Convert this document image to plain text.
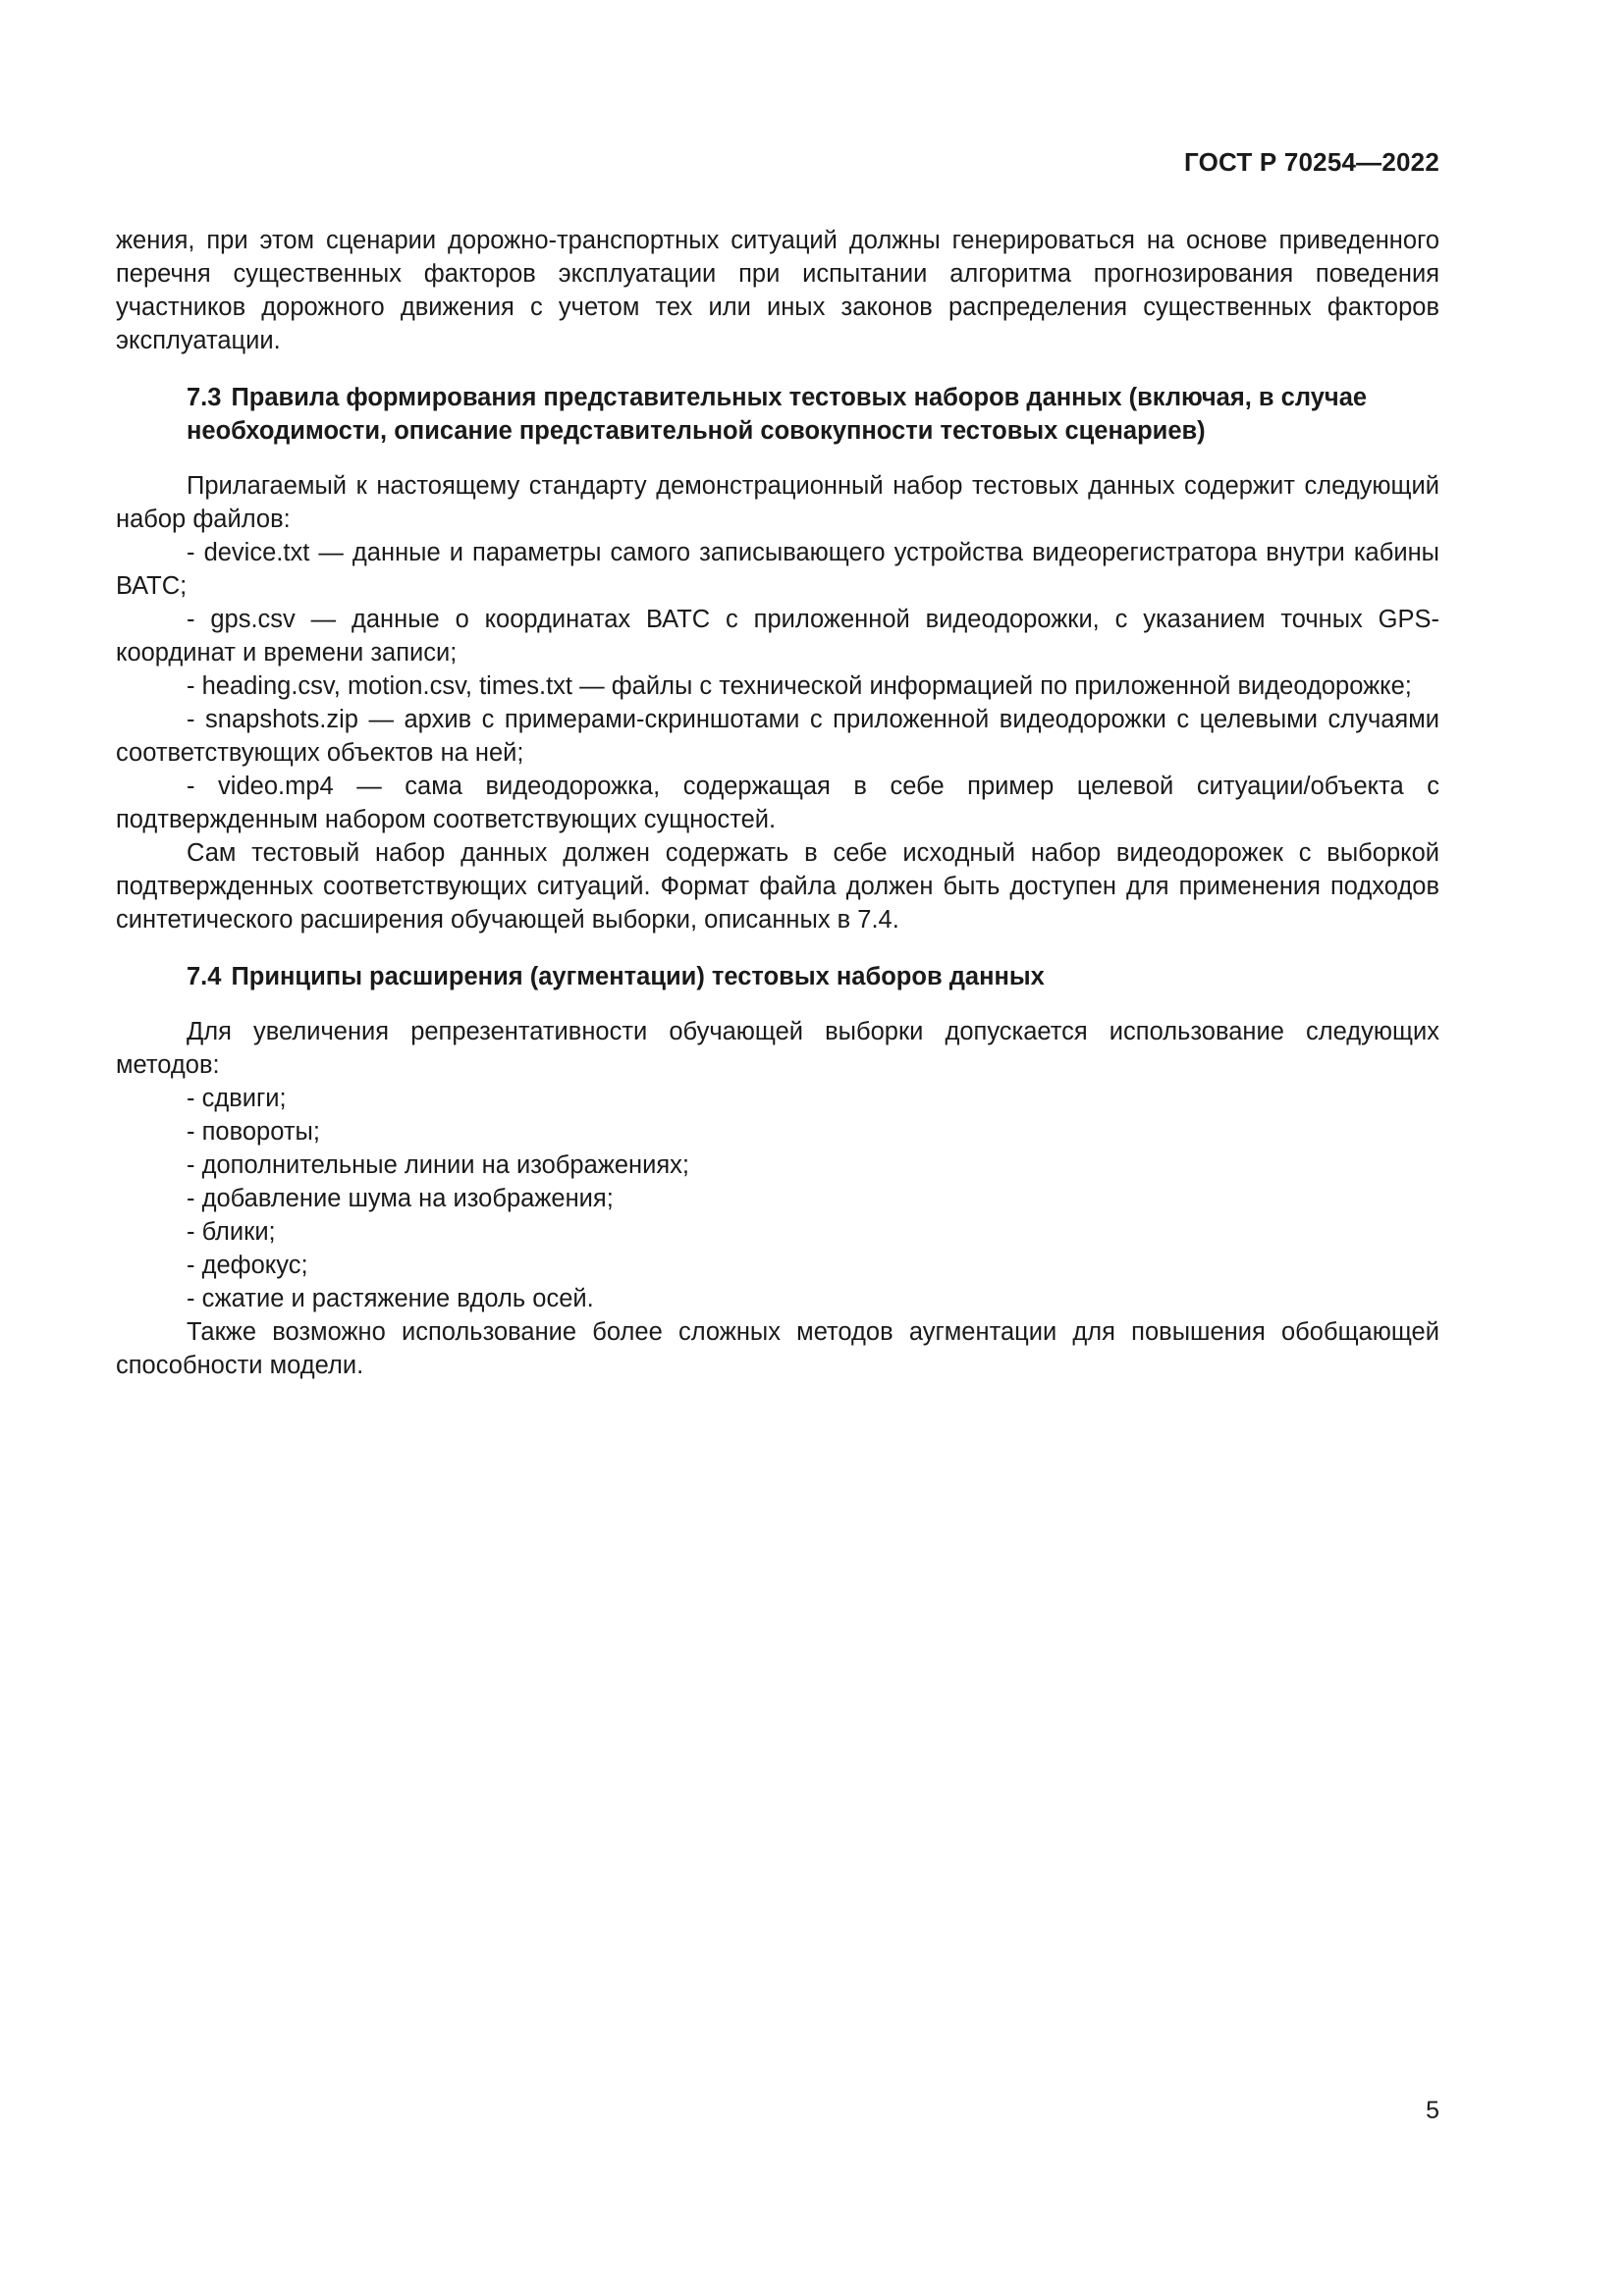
ГОСТ Р 70254—2022

жения, при этом сценарии дорожно-транспортных ситуаций должны генерироваться на основе приведенного перечня существенных факторов эксплуатации при испытании алгоритма прогнозирования поведения участников дорожного движения с учетом тех или иных законов распределения существенных факторов эксплуатации.

7.3 Правила формирования представительных тестовых наборов данных (включая, в случае необходимости, описание представительной совокупности тестовых сценариев)

Прилагаемый к настоящему стандарту демонстрационный набор тестовых данных содержит следующий набор файлов:

- device.txt — данные и параметры самого записывающего устройства видеорегистратора внутри кабины ВАТС;

- gps.csv — данные о координатах ВАТС с приложенной видеодорожки, с указанием точных GPS-координат и времени записи;

- heading.csv, motion.csv, times.txt — файлы с технической информацией по приложенной видеодорожке;

- snapshots.zip — архив с примерами-скриншотами с приложенной видеодорожки с целевыми случаями соответствующих объектов на ней;

- video.mp4 — сама видеодорожка, содержащая в себе пример целевой ситуации/объекта с подтвержденным набором соответствующих сущностей.

Сам тестовый набор данных должен содержать в себе исходный набор видеодорожек с выборкой подтвержденных соответствующих ситуаций. Формат файла должен быть доступен для применения подходов синтетического расширения обучающей выборки, описанных в 7.4.

7.4 Принципы расширения (аугментации) тестовых наборов данных

Для увеличения репрезентативности обучающей выборки допускается использование следующих методов:

- сдвиги;

- повороты;

- дополнительные линии на изображениях;

- добавление шума на изображения;

- блики;

- дефокус;

- сжатие и растяжение вдоль осей.

Также возможно использование более сложных методов аугментации для повышения обобщающей способности модели.

5
